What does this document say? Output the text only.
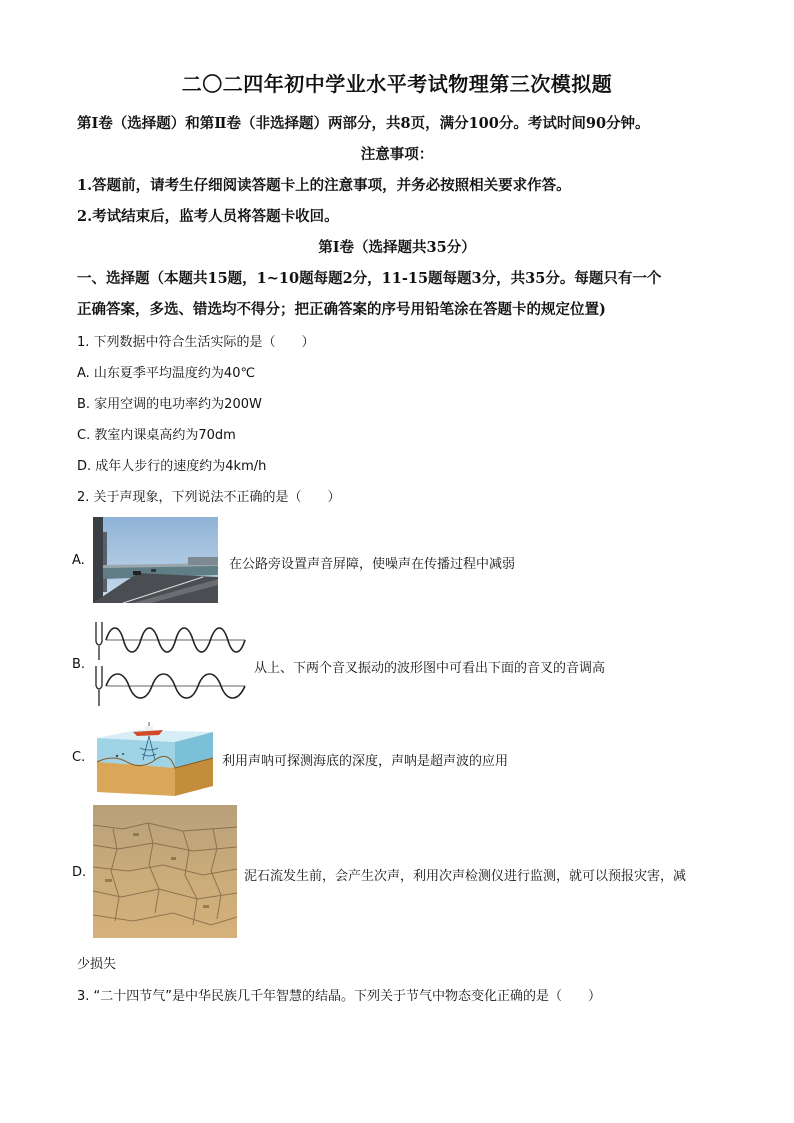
二〇二四年初中学业水平考试物理第三次模拟题
第Ⅰ卷（选择题）和第Ⅱ卷（非选择题）两部分，共8页，满分100分。考试时间90分钟。
注意事项：
1.答题前，请考生仔细阅读答题卡上的注意事项，并务必按照相关要求作答。
2.考试结束后，监考人员将答题卡收回。
第Ⅰ卷（选择题共35分）
一、选择题（本题共15题，1~10题每题2分，11-15题每题3分，共35分。每题只有一个
正确答案，多选、错选均不得分；把正确答案的序号用铅笔涂在答题卡的规定位置)
1. 下列数据中符合生活实际的是（　　）
A. 山东夏季平均温度约为40℃
B. 家用空调的电功率约为200W
C. 教室内课桌高约为70dm
D. 成年人步行的速度约为4km/h
2. 关于声现象，下列说法不正确的是（　　）
A.	在公路旁设置声音屏障，使噪声在传播过程中减弱
B.	从上、下两个音叉振动的波形图中可看出下面的音叉的音调高
C.	利用声呐可探测海底的深度，声呐是超声波的应用
D.	泥石流发生前，会产生次声，利用次声检测仪进行监测，就可以预报灾害，减
少损失
3. “二十四节气”是中华民族几千年智慧的结晶。下列关于节气中物态变化正确的是（　　）
